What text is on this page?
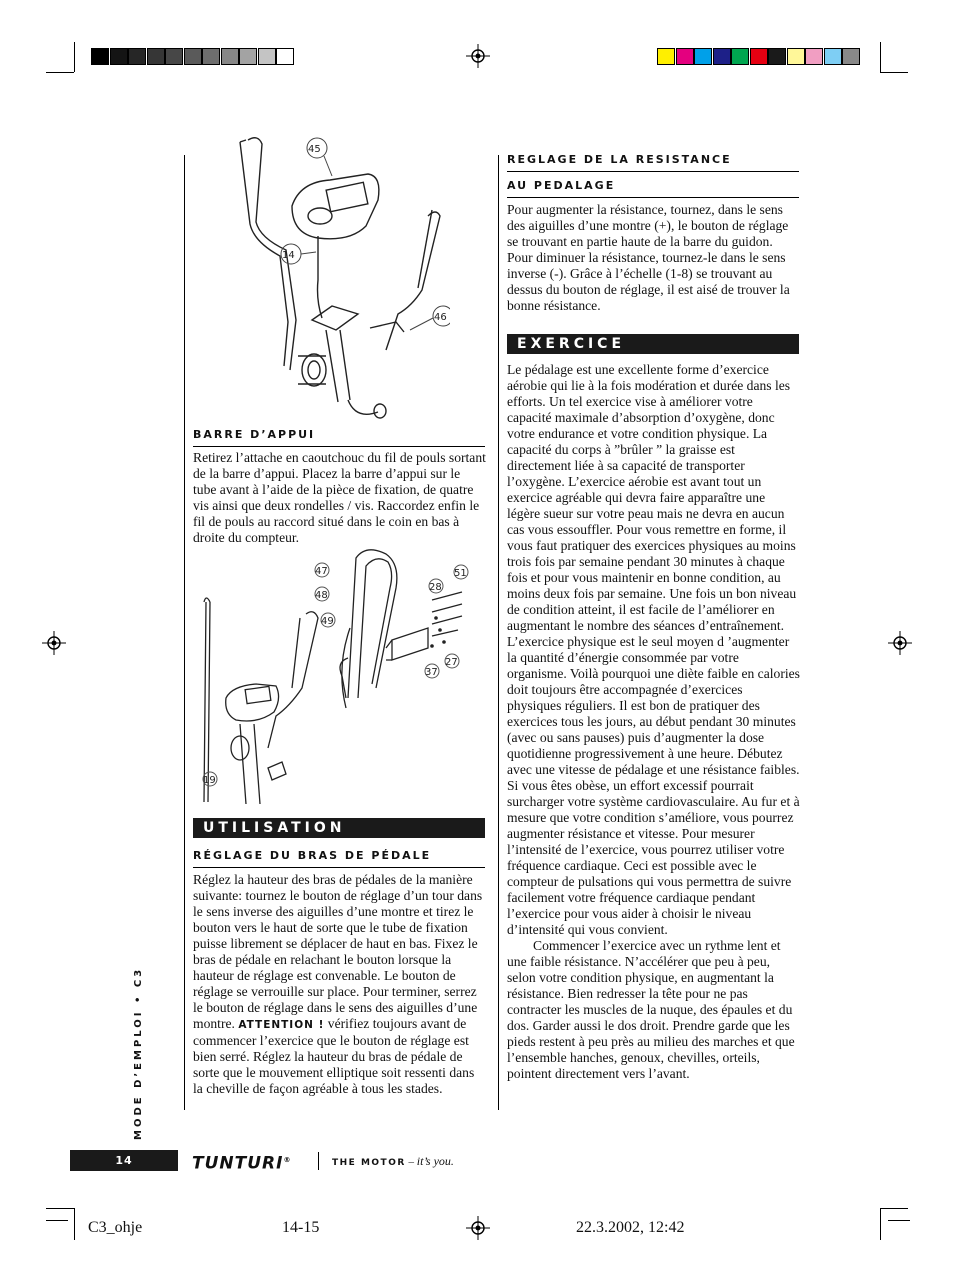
45
14
46
BARRE D’APPUI

Retirez l’attache en caoutchouc du fil de pouls sortant de la barre d’appui. Placez la barre d’appui sur le tube avant à l’aide de la pièce de fixation, de quatre vis ainsi que deux rondelles / vis. Raccordez enfin le fil de pouls au raccord situé dans le coin en bas à droite du compteur.

47
48
49
28
51
37
27
19
UTILISATION
RÉGLAGE DU BRAS DE PÉDALE

Réglez la hauteur des bras de pédales de la manière suivante: tournez le bouton de réglage d’un tour dans le sens inverse des aiguilles d’une montre et tirez le bouton vers le haut de sorte que le tube de fixation puisse librement se déplacer de haut en bas. Fixez le bras de pédale en relachant le bouton lorsque la hauteur de réglage est convenable. Le bouton de réglage se verrouille sur place. Pour terminer, serrez le bouton de réglage dans le sens des aiguilles d’une montre. ATTENTION ! vérifiez toujours avant de commencer l’exercice que le bouton de réglage est bien serré. Réglez la hauteur du bras de pédale de sorte que le mouvement elliptique soit ressenti dans la cheville de façon agréable à tous les stades.

REGLAGE DE LA RESISTANCE
AU PEDALAGE

Pour augmenter la résistance, tournez, dans le sens des aiguilles d’une montre (+), le bouton de réglage se trouvant en partie haute de la barre du guidon. Pour diminuer la résistance, tournez-le dans le sens inverse (-). Grâce à l’échelle (1-8) se trouvant au dessus du bouton de réglage, il est aisé de trouver la bonne résistance.

EXERCICE

Le pédalage est une excellente forme d’exercice aérobie qui lie à la fois modération et durée dans les efforts. Un tel exercice vise à améliorer votre capacité maximale d’absorption d’oxygène, donc votre endurance et votre condition physique. La capacité du corps à ”brûler ” la graisse est directement liée à sa capacité de transporter l’oxygène. L’exercice aérobie est avant tout un exercice agréable qui devra faire apparaître une légère sueur sur votre peau mais ne devra en aucun cas vous essouffler. Pour vous remettre en forme, il vous faut pratiquer des exercices physiques au moins trois fois par semaine pendant 30 minutes à chaque fois et pour vous maintenir en bonne condition, au moins deux fois par semaine. Une fois un bon niveau de condition atteint, il est facile de l’améliorer en augmentant le nombre des séances d’entraînement. L’exercice physique est le seul moyen d ’augmenter la quantité d’énergie consommée par votre organisme. Voilà pourquoi une diète faible en calories doit toujours être accompagnée d’exercices physiques réguliers. Il est bon de pratiquer des exercices tous les jours, au début pendant 30 minutes (avec ou sans pauses) puis d’augmenter la dose quotidienne progressivement à une heure. Débutez avec une vitesse de pédalage et une résistance faibles. Si vous êtes obèse, un effort excessif pourrait surcharger votre système cardiovasculaire. Au fur et à mesure que votre condition s’améliore, vous pourrez augmenter résistance et vitesse. Pour mesurer l’intensité de l’exercice, vous pourrez utiliser votre fréquence cardiaque. Ceci est possible avec le compteur de pulsations qui vous permettra de suivre facilement votre fréquence cardiaque pendant l’exercice pour vous aider à choisir le niveau d’intensité qui vous convient.

Commencer l’exercice avec un rythme lent et une faible résistance. N’accélérer que peu à peu, selon votre condition physique, en augmentant la résistance. Bien redresser la tête pour ne pas contracter les muscles de la nuque, des épaules et du dos. Garder aussi le dos droit. Prendre garde que les pieds restent à peu près au milieu des marches et que l’ensemble hanches, genoux, chevilles, orteils, pointent directement vers l’avant.

MODE D’EMPLOI • C3
14	TUNTURI®	THE MOTOR – it’s you.
C3_ohje	14-15	22.3.2002, 12:42
